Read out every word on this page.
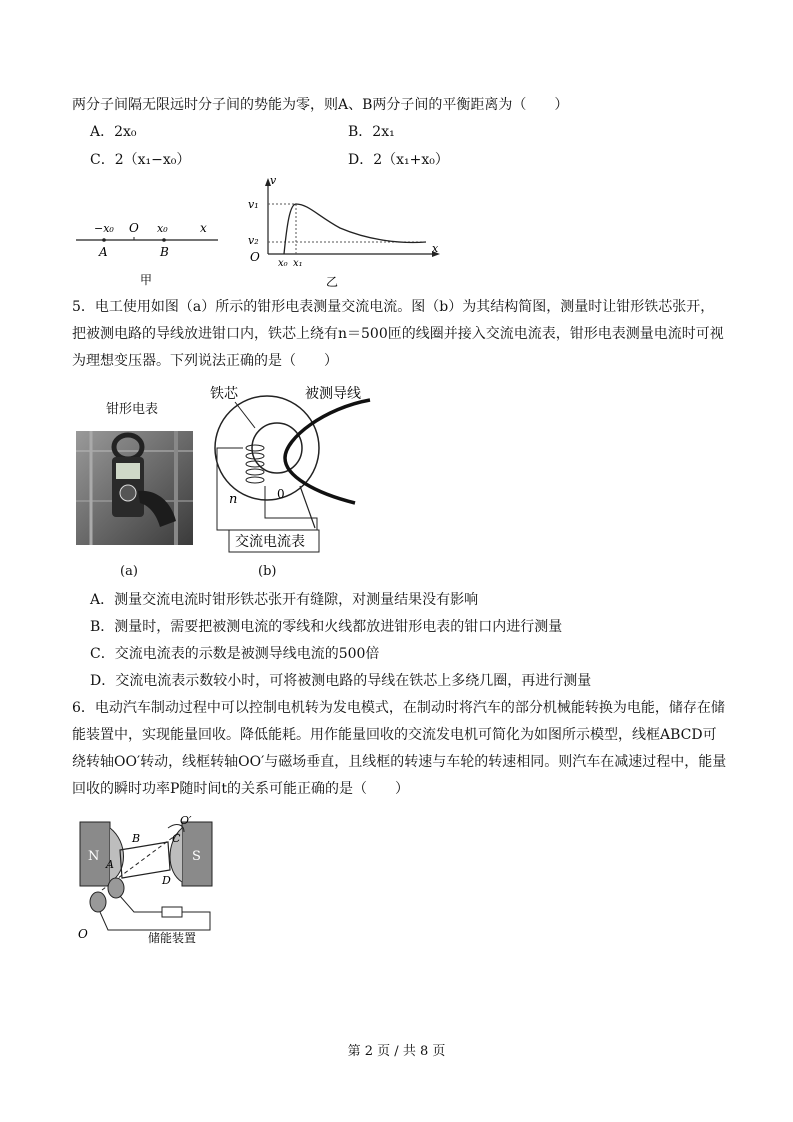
两分子间隔无限远时分子间的势能为零，则A、B两分子间的平衡距离为（　　）
A．2x₀	B．2x₁
C．2（x₁−x₀）	D．2（x₁+x₀）
−x₀ O x₀	x
A	B
甲
v
v₁
v₂
O x₀ x₁
x
乙
5．电工使用如图（a）所示的钳形电表测量交流电流。图（b）为其结构简图，测量时让钳形铁芯张开，
把被测电路的导线放进钳口内，铁芯上绕有n＝500匝的线圈并接入交流电流表，钳形电表测量电流时可视
为理想变压器。下列说法正确的是（　　）
钳形电表
(a)
铁芯	被测导线
n	0
交流电流表
(b)
A．测量交流电流时钳形铁芯张开有缝隙，对测量结果没有影响
B．测量时，需要把被测电流的零线和火线都放进钳形电表的钳口内进行测量
C．交流电流表的示数是被测导线电流的500倍
D．交流电流表示数较小时，可将被测电路的导线在铁芯上多绕几圈，再进行测量
6．电动汽车制动过程中可以控制电机转为发电模式，在制动时将汽车的部分机械能转换为电能，储存在储
能装置中，实现能量回收。降低能耗。用作能量回收的交流发电机可简化为如图所示模型，线框ABCD可
绕转轴OO′转动，线框转轴OO′与磁场垂直，且线框的转速与车轮的转速相同。则汽车在减速过程中，能量
回收的瞬时功率P随时间t的关系可能正确的是（　　）
N	S
B	C
A
D
O′
O	储能装置
第 2 页 / 共 8 页
